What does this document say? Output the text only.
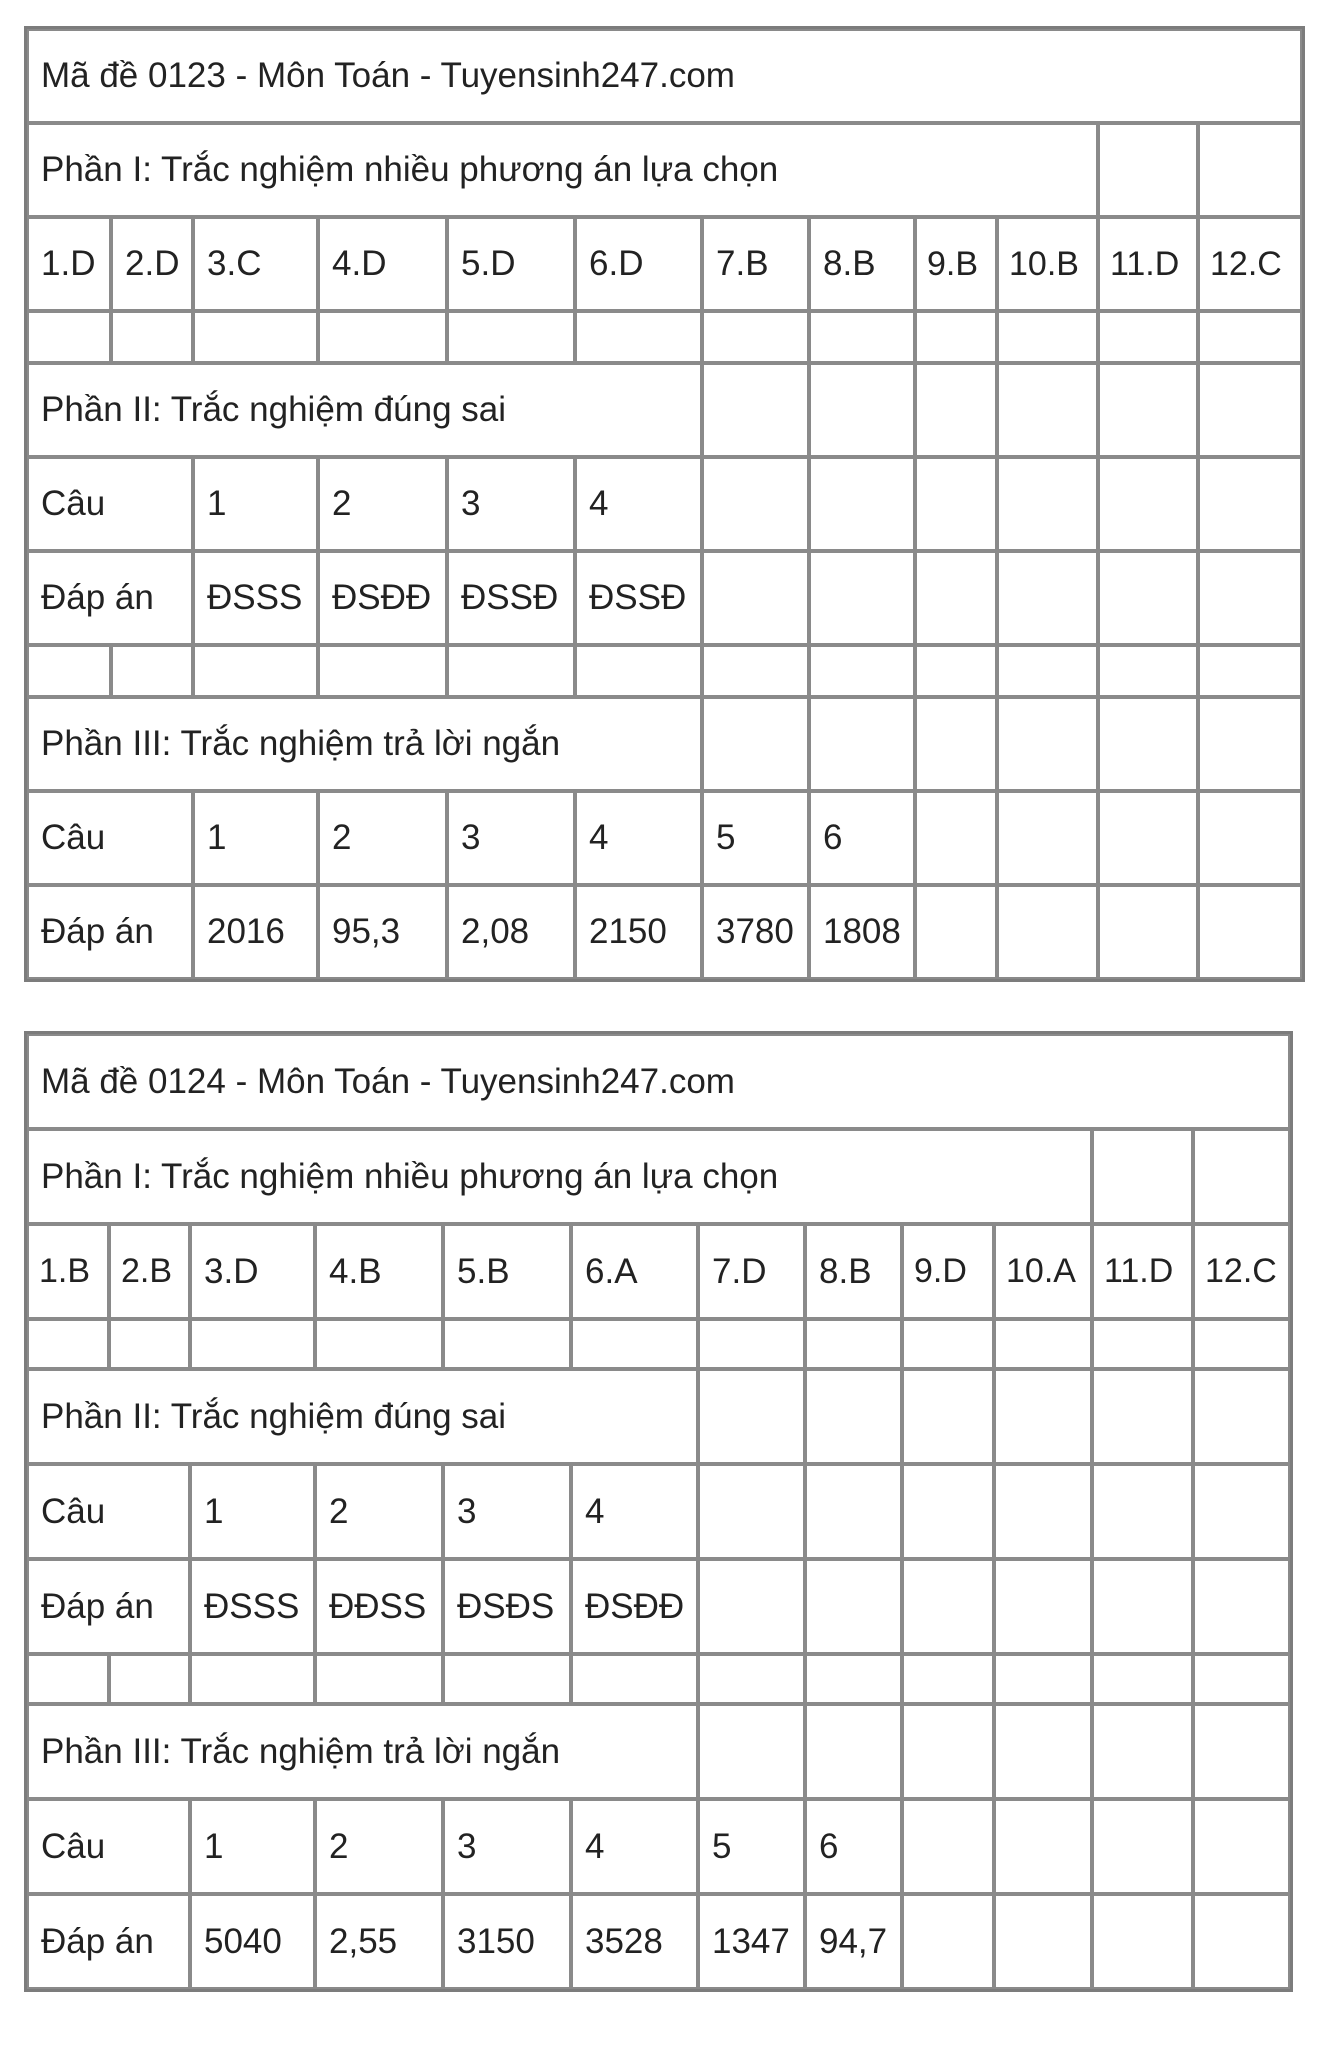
Mã đề 0123 - Môn Toán - Tuyensinh247.com											
Phần I: Trắc nghiệm nhiều phương án lựa chọn											
1.D	2.D	3.C	4.D	5.D	6.D	7.B	8.B	9.B	10.B	11.D	12.C

Phần II: Trắc nghiệm đúng sai											
Câu		1	2	3	4						
Đáp án		ĐSSS	ĐSĐĐ	ĐSSĐ	ĐSSĐ						

Phần III: Trắc nghiệm trả lời ngắn											
Câu		1	2	3	4	5	6				
Đáp án		2016	95,3	2,08	2150	3780	1808				
Mã đề 0124 - Môn Toán - Tuyensinh247.com											
Phần I: Trắc nghiệm nhiều phương án lựa chọn											
1.B	2.B	3.D	4.B	5.B	6.A	7.D	8.B	9.D	10.A	11.D	12.C

Phần II: Trắc nghiệm đúng sai											
Câu		1	2	3	4						
Đáp án		ĐSSS	ĐĐSS	ĐSĐS	ĐSĐĐ						

Phần III: Trắc nghiệm trả lời ngắn											
Câu		1	2	3	4	5	6				
Đáp án		5040	2,55	3150	3528	1347	94,7				
